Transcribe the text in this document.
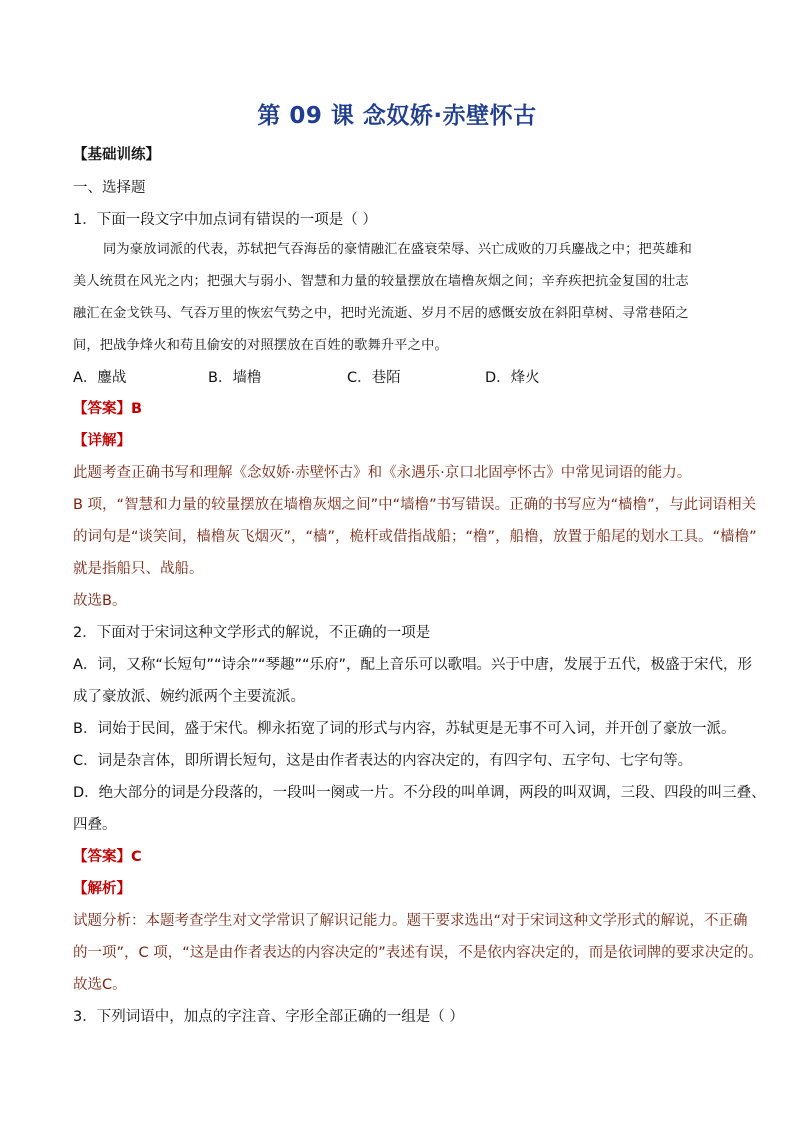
第 09 课 念奴娇·赤壁怀古
【基础训练】
一、选择题
1．下面一段文字中加点词有错误的一项是（ ）
同为豪放词派的代表，苏轼把气吞海岳的豪情融汇在盛衰荣辱、兴亡成败的刀兵鏖战之中；把英雄和
美人统贯在风光之内；把强大与弱小、智慧和力量的较量摆放在墙橹灰烟之间；辛弃疾把抗金复国的壮志
融汇在金戈铁马、气吞万里的恢宏气势之中，把时光流逝、岁月不居的感慨安放在斜阳草树、寻常巷陌之
间，把战争烽火和苟且偷安的对照摆放在百姓的歌舞升平之中。
A．鏖战	B．墙橹	C．巷陌	D．烽火
【答案】B
【详解】
此题考查正确书写和理解《念奴娇·赤壁怀古》和《永遇乐·京口北固亭怀古》中常见词语的能力。
B 项，“智慧和力量的较量摆放在墙橹灰烟之间”中“墙橹”书写错误。正确的书写应为“樯橹”，与此词语相关
的词句是“谈笑间，樯橹灰飞烟灭”，“樯”，桅杆或借指战船；“橹”，船橹，放置于船尾的划水工具。“樯橹”
就是指船只、战船。
故选B。
2．下面对于宋词这种文学形式的解说，不正确的一项是
A．词，又称“长短句”“诗余”“琴趣”“乐府”，配上音乐可以歌唱。兴于中唐，发展于五代，极盛于宋代，形
成了豪放派、婉约派两个主要流派。
B．词始于民间，盛于宋代。柳永拓宽了词的形式与内容，苏轼更是无事不可入词，并开创了豪放一派。
C．词是杂言体，即所谓长短句，这是由作者表达的内容决定的，有四字句、五字句、七字句等。
D．绝大部分的词是分段落的，一段叫一阕或一片。不分段的叫单调，两段的叫双调，三段、四段的叫三叠、
四叠。
【答案】C
【解析】
试题分析：本题考查学生对文学常识了解识记能力。题干要求选出“对于宋词这种文学形式的解说，不正确
的一项”，C 项，“这是由作者表达的内容决定的”表述有误，不是依内容决定的，而是依词牌的要求决定的。
故选C。
3．下列词语中，加点的字注音、字形全部正确的一组是（ ）
